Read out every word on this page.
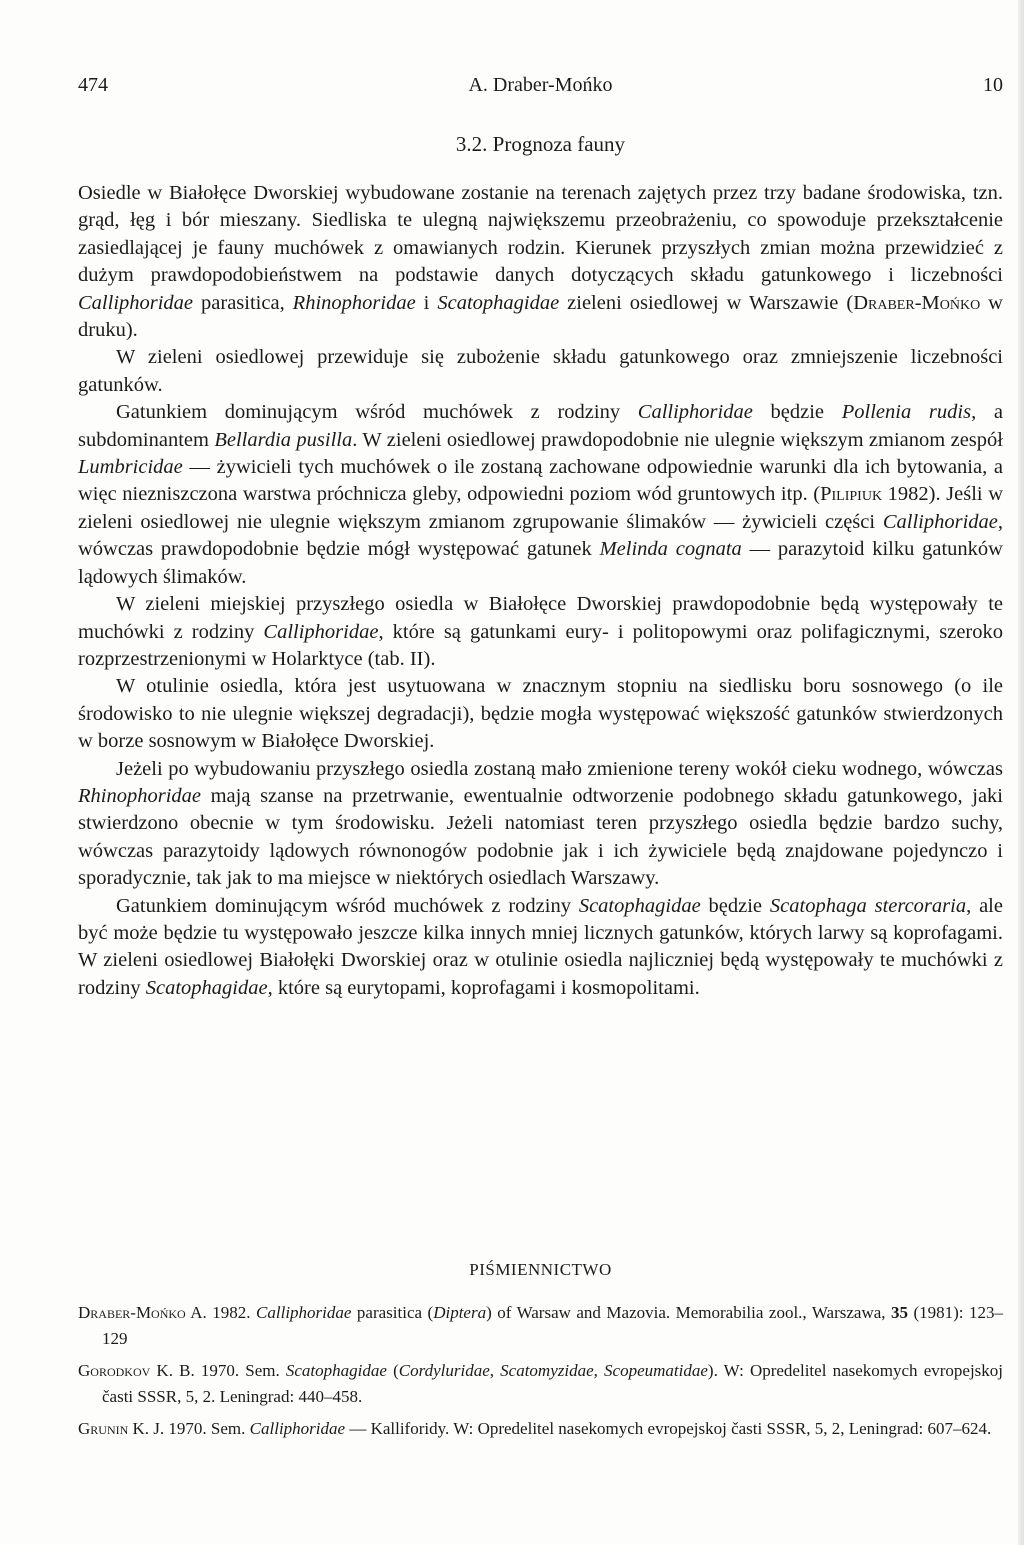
474	A. Draber-Mońko	10
3.2. Prognoza fauny

Osiedle w Białołęce Dworskiej wybudowane zostanie na terenach zajętych przez trzy badane środowiska, tzn. grąd, łęg i bór mieszany. Siedliska te ulegną największemu przeobrażeniu, co spowoduje przekształcenie zasiedlającej je fauny muchówek z omawianych rodzin. Kierunek przyszłych zmian można przewidzieć z dużym prawdopodobieństwem na podstawie danych dotyczących składu gatunkowego i liczebności Calliphoridae parasitica, Rhinophoridae i Scatophagidae zieleni osiedlowej w Warszawie (Draber-Mońko w druku).

W zieleni osiedlowej przewiduje się zubożenie składu gatunkowego oraz zmniejszenie liczebności gatunków.

Gatunkiem dominującym wśród muchówek z rodziny Calliphoridae będzie Pollenia rudis, a subdominantem Bellardia pusilla. W zieleni osiedlowej prawdopodobnie nie ulegnie większym zmianom zespół Lumbricidae — żywicieli tych muchówek o ile zostaną zachowane odpowiednie warunki dla ich bytowania, a więc niezniszczona warstwa próchnicza gleby, odpowiedni poziom wód gruntowych itp. (Pilipiuk 1982). Jeśli w zieleni osiedlowej nie ulegnie większym zmianom zgrupowanie ślimaków — żywicieli części Calliphoridae, wówczas prawdopodobnie będzie mógł występować gatunek Melinda cognata — parazytoid kilku gatunków lądowych ślimaków.

W zieleni miejskiej przyszłego osiedla w Białołęce Dworskiej prawdopodobnie będą występowały te muchówki z rodziny Calliphoridae, które są gatunkami eury- i politopowymi oraz polifagicznymi, szeroko rozprzestrzenionymi w Holarktyce (tab. II).

W otulinie osiedla, która jest usytuowana w znacznym stopniu na siedlisku boru sosnowego (o ile środowisko to nie ulegnie większej degradacji), będzie mogła występować większość gatunków stwierdzonych w borze sosnowym w Białołęce Dworskiej.

Jeżeli po wybudowaniu przyszłego osiedla zostaną mało zmienione tereny wokół cieku wodnego, wówczas Rhinophoridae mają szanse na przetrwanie, ewentualnie odtworzenie podobnego składu gatunkowego, jaki stwierdzono obecnie w tym środowisku. Jeżeli natomiast teren przyszłego osiedla będzie bardzo suchy, wówczas parazytoidy lądowych równonogów podobnie jak i ich żywiciele będą znajdowane pojedynczo i sporadycznie, tak jak to ma miejsce w niektórych osiedlach Warszawy.

Gatunkiem dominującym wśród muchówek z rodziny Scatophagidae będzie Scatophaga stercoraria, ale być może będzie tu występowało jeszcze kilka innych mniej licznych gatunków, których larwy są koprofagami. W zieleni osiedlowej Białołęki Dworskiej oraz w otulinie osiedla najliczniej będą występowały te muchówki z rodziny Scatophagidae, które są eurytopami, koprofagami i kosmopolitami.

PIŚMIENNICTWO
Draber-Mońko A. 1982. Calliphoridae parasitica (Diptera) of Warsaw and Mazovia. Memorabilia zool., Warszawa, 35 (1981): 123–129
Gorodkov K. B. 1970. Sem. Scatophagidae (Cordyluridae, Scatomyzidae, Scopeumatidae). W: Opredelitel nasekomych evropejskoj časti SSSR, 5, 2. Leningrad: 440–458.
Grunin K. J. 1970. Sem. Calliphoridae — Kalliforidy. W: Opredelitel nasekomych evropejskoj časti SSSR, 5, 2, Leningrad: 607–624.
